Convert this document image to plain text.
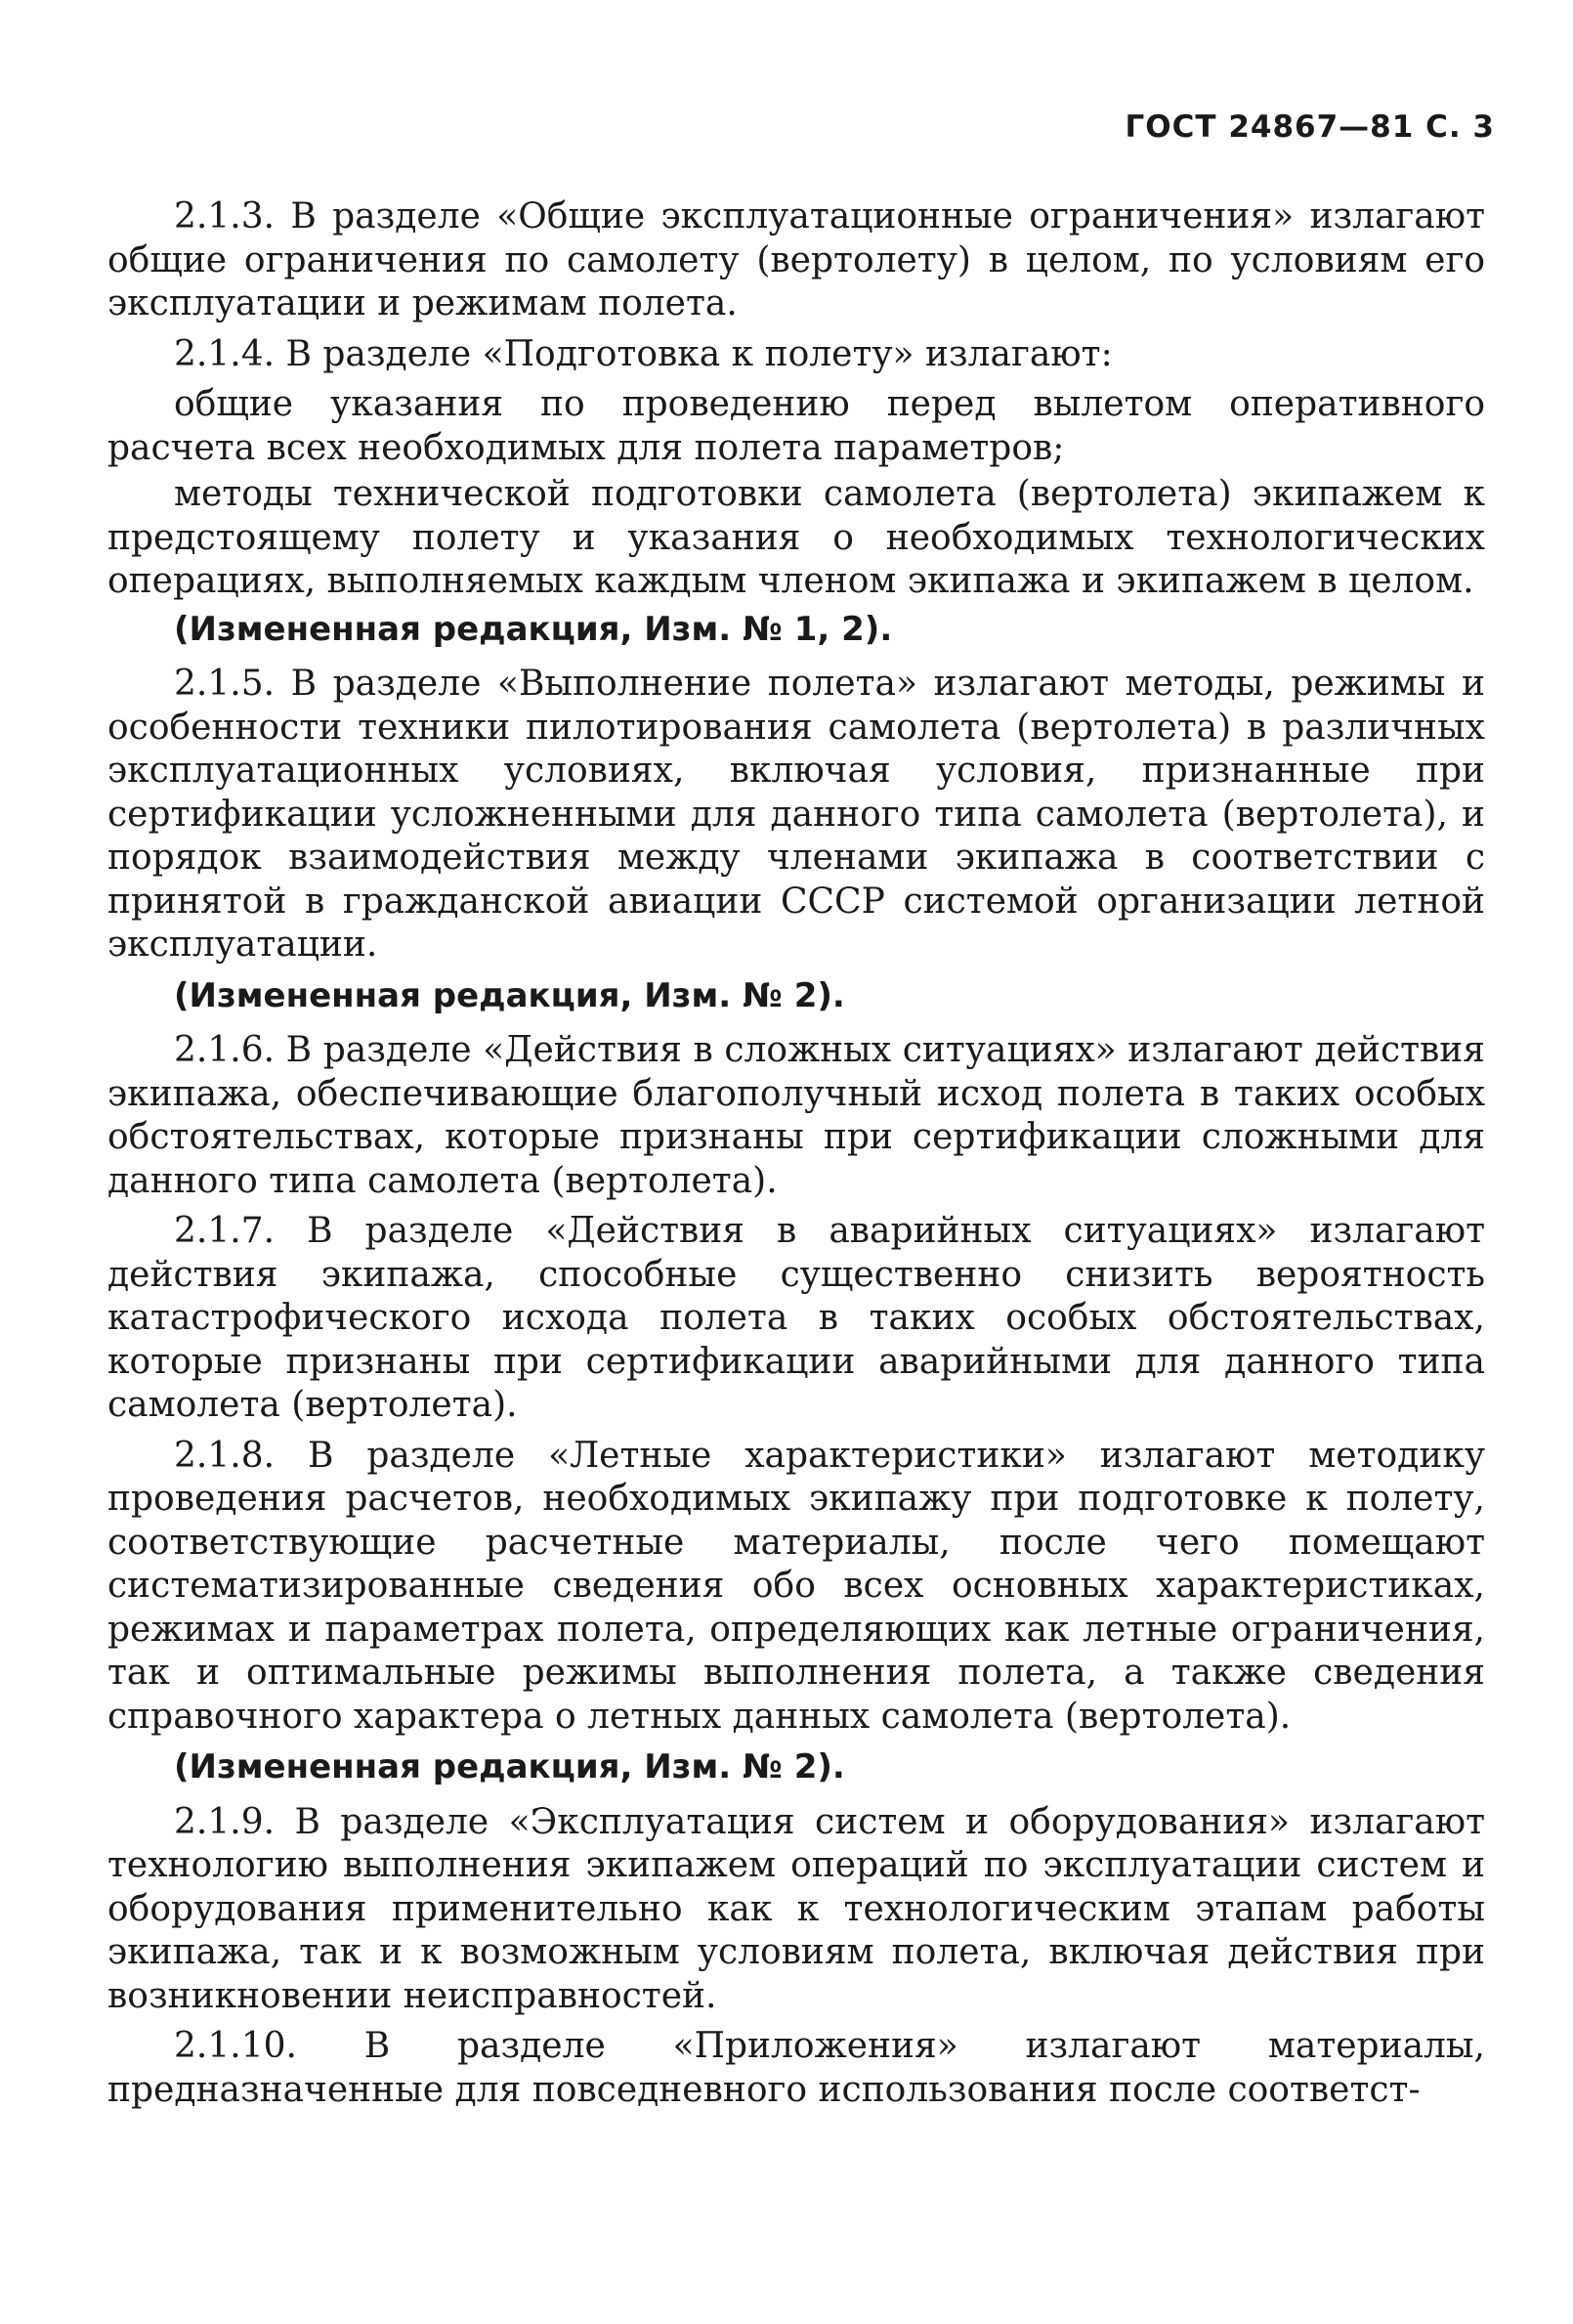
ГОСТ 24867—81 С. 3

2.1.3. В разделе «Общие эксплуатационные ограничения» излагают общие ограничения по самолету (вертолету) в целом, по условиям его эксплуатации и режимам полета.

2.1.4. В разделе «Подготовка к полету» излагают:

общие указания по проведению перед вылетом оперативного расчета всех необходимых для полета параметров;

методы технической подготовки самолета (вертолета) экипажем к предстоящему полету и указания о необходимых технологических операциях, выполняемых каждым членом экипажа и экипажем в целом.

(Измененная редакция, Изм. № 1, 2).

2.1.5. В разделе «Выполнение полета» излагают методы, режимы и особенности техники пилотирования самолета (вертолета) в различных эксплуатационных условиях, включая условия, признанные при сертификации усложненными для данного типа самолета (вертолета), и порядок взаимодействия между членами экипажа в соответствии с принятой в гражданской авиации СССР системой организации летной эксплуатации.

(Измененная редакция, Изм. № 2).

2.1.6. В разделе «Действия в сложных ситуациях» излагают действия экипажа, обеспечивающие благополучный исход полета в таких особых обстоятельствах, которые признаны при сертификации сложными для данного типа самолета (вертолета).

2.1.7. В разделе «Действия в аварийных ситуациях» излагают действия экипажа, способные существенно снизить вероятность катастрофического исхода полета в таких особых обстоятельствах, которые признаны при сертификации аварийными для данного типа самолета (вертолета).

2.1.8. В разделе «Летные характеристики» излагают методику проведения расчетов, необходимых экипажу при подготовке к полету, соответствующие расчетные материалы, после чего помещают систематизированные сведения обо всех основных характеристиках, режимах и параметрах полета, определяющих как летные ограничения, так и оптимальные режимы выполнения полета, а также сведения справочного характера о летных данных самолета (вертолета).

(Измененная редакция, Изм. № 2).

2.1.9. В разделе «Эксплуатация систем и оборудования» излагают технологию выполнения экипажем операций по эксплуатации систем и оборудования применительно как к технологическим этапам работы экипажа, так и к возможным условиям полета, включая действия при возникновении неисправностей.

2.1.10. В разделе «Приложения» излагают материалы, предназначенные для повседневного использования после соответст-
